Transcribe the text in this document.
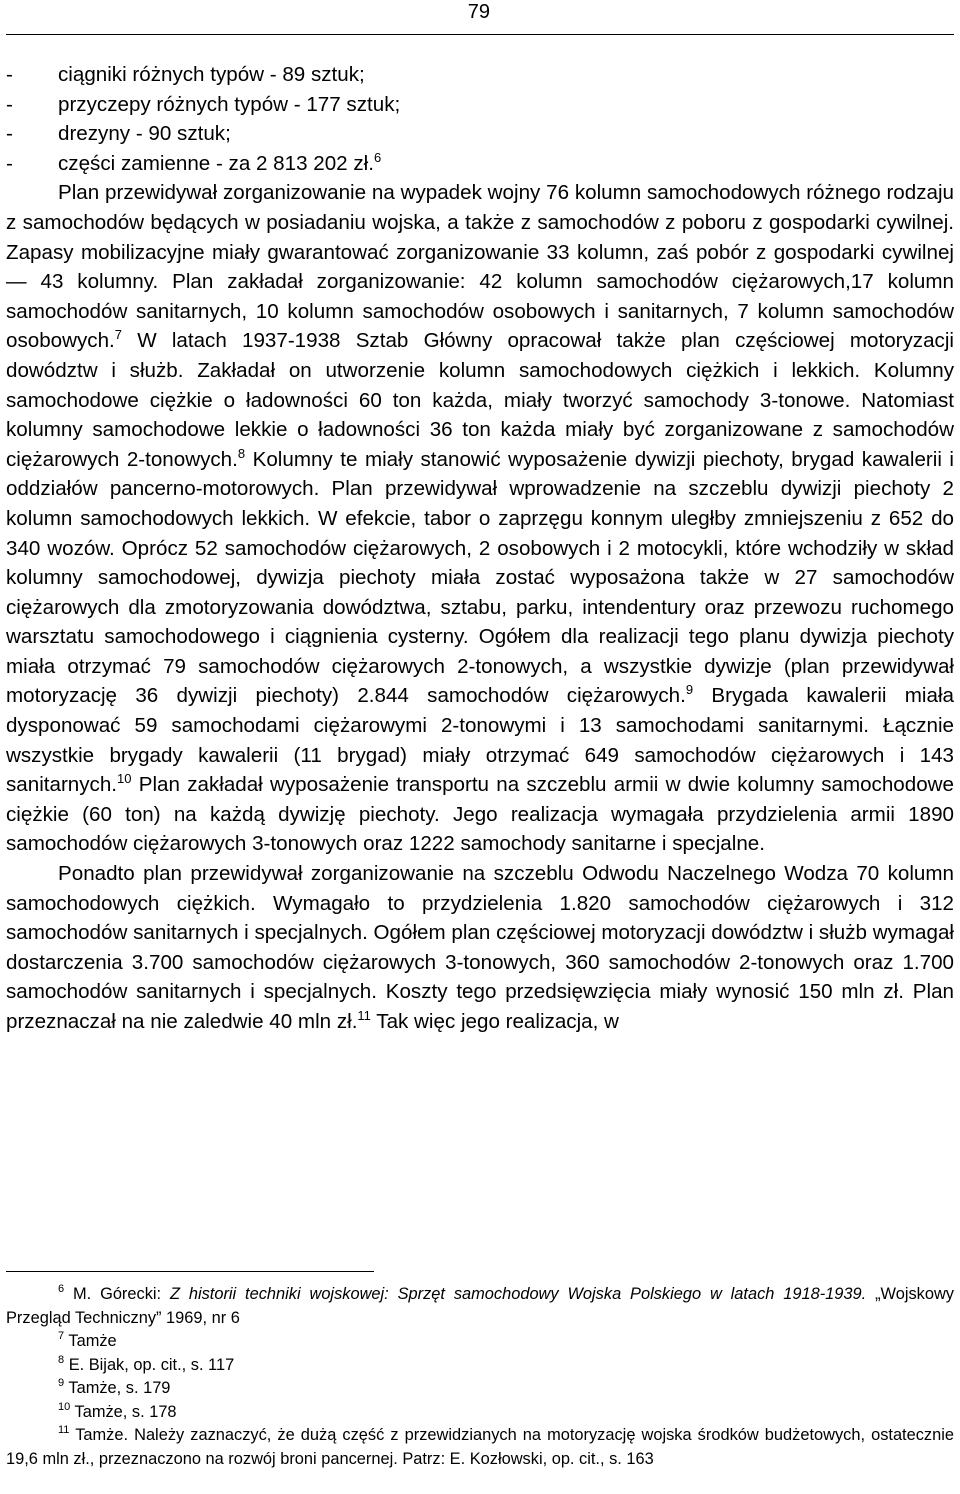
79
- ciągniki różnych typów - 89 sztuk;
- przyczepy różnych typów - 177 sztuk;
- drezyny - 90 sztuk;
- części zamienne - za 2 813 202 zł.$^6$

Plan przewidywał zorganizowanie na wypadek wojny 76 kolumn samochodowych różnego rodzaju z samochodów będących w posiadaniu wojska, a także z samochodów z poboru z gospodarki cywilnej. Zapasy mobilizacyjne miały gwarantować zorganizowanie 33 kolumn, zaś pobór z gospodarki cywilnej — 43 kolumny. Plan zakładał zorganizowanie: 42 kolumn samochodów ciężarowych,17 kolumn samochodów sanitarnych, 10 kolumn samochodów osobowych i sanitarnych, 7 kolumn samochodów osobowych.$^7$ W latach 1937-1938 Sztab Główny opracował także plan częściowej motoryzacji dowództw i służb. Zakładał on utworzenie kolumn samochodowych ciężkich i lekkich. Kolumny samochodowe ciężkie o ładowności 60 ton każda, miały tworzyć samochody 3-tonowe. Natomiast kolumny samochodowe lekkie o ładowności 36 ton każda miały być zorganizowane z samochodów ciężarowych 2-tonowych.$^8$ Kolumny te miały stanowić wyposażenie dywizji piechoty, brygad kawalerii i oddziałów pancerno-motorowych. Plan przewidywał wprowadzenie na szczeblu dywizji piechoty 2 kolumn samochodowych lekkich. W efekcie, tabor o zaprzęgu konnym uległby zmniejszeniu z 652 do 340 wozów. Oprócz 52 samochodów ciężarowych, 2 osobowych i 2 motocykli, które wchodziły w skład kolumny samochodowej, dywizja piechoty miała zostać wyposażona także w 27 samochodów ciężarowych dla zmotoryzowania dowództwa, sztabu, parku, intendentury oraz przewozu ruchomego warsztatu samochodowego i ciągnienia cysterny. Ogółem dla realizacji tego planu dywizja piechoty miała otrzymać 79 samochodów ciężarowych 2-tonowych, a wszystkie dywizje (plan przewidywał motoryzację 36 dywizji piechoty) 2.844 samochodów ciężarowych.$^9$ Brygada kawalerii miała dysponować 59 samochodami ciężarowymi 2-tonowymi i 13 samochodami sanitarnymi. Łącznie wszystkie brygady kawalerii (11 brygad) miały otrzymać 649 samochodów ciężarowych i 143 sanitarnych.$^{10}$ Plan zakładał wyposażenie transportu na szczeblu armii w dwie kolumny samochodowe ciężkie (60 ton) na każdą dywizję piechoty. Jego realizacja wymagała przydzielenia armii 1890 samochodów ciężarowych 3-tonowych oraz 1222 samochody sanitarne i specjalne.

Ponadto plan przewidywał zorganizowanie na szczeblu Odwodu Naczelnego Wodza 70 kolumn samochodowych ciężkich. Wymagało to przydzielenia 1.820 samochodów ciężarowych i 312 samochodów sanitarnych i specjalnych. Ogółem plan częściowej motoryzacji dowództw i służb wymagał dostarczenia 3.700 samochodów ciężarowych 3-tonowych, 360 samochodów 2-tonowych oraz 1.700 samochodów sanitarnych i specjalnych. Koszty tego przedsięwzięcia miały wynosić 150 mln zł. Plan przeznaczał na nie zaledwie 40 mln zł.$^{11}$ Tak więc jego realizacja, w

$^6$ M. Górecki: Z historii techniki wojskowej: Sprzęt samochodowy Wojska Polskiego w latach 1918-1939. „Wojskowy Przegląd Techniczny” 1969, nr 6

$^7$ Tamże

$^8$ E. Bijak, op. cit., s. 117

$^9$ Tamże, s. 179

$^{10}$ Tamże, s. 178

$^{11}$ Tamże. Należy zaznaczyć, że dużą część z przewidzianych na motoryzację wojska środków budżetowych, ostatecznie 19,6 mln zł., przeznaczono na rozwój broni pancernej. Patrz: E. Kozłowski, op. cit., s. 163
